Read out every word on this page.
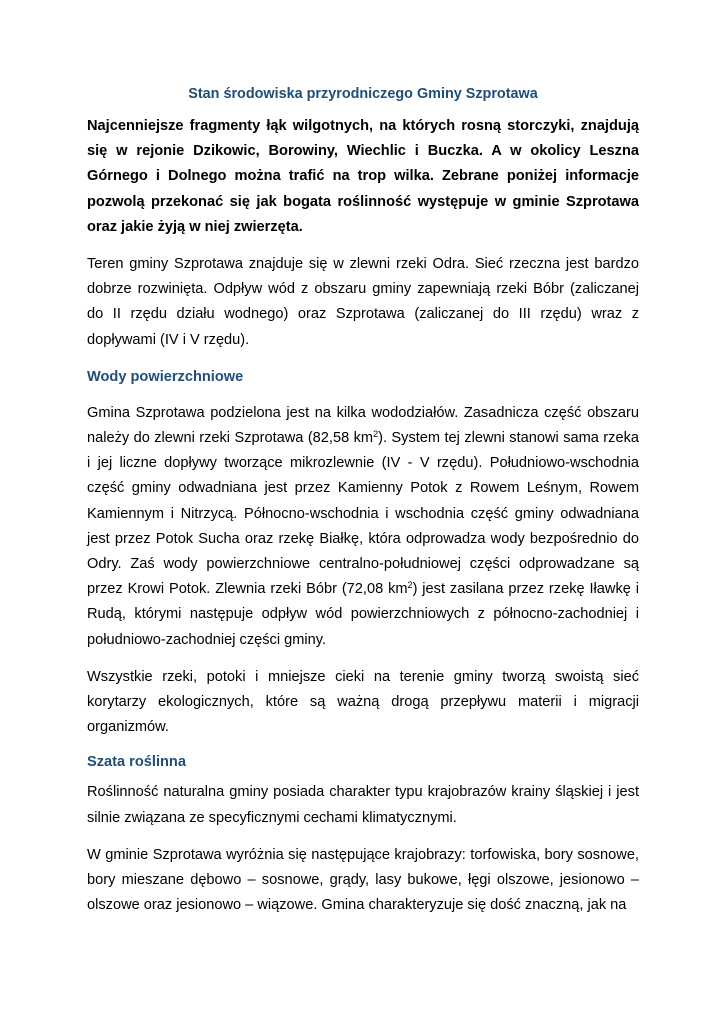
Stan środowiska przyrodniczego Gminy Szprotawa

Najcenniejsze fragmenty łąk wilgotnych, na których rosną storczyki, znajdują się w rejonie Dzikowic, Borowiny, Wiechlic i Buczka. A w okolicy Leszna Górnego i Dolnego można trafić na trop wilka. Zebrane poniżej informacje pozwolą przekonać się jak bogata roślinność występuje w gminie Szprotawa oraz jakie żyją w niej zwierzęta.

Teren gminy Szprotawa znajduje się w zlewni rzeki Odra. Sieć rzeczna jest bardzo dobrze rozwinięta. Odpływ wód z obszaru gminy zapewniają rzeki Bóbr (zaliczanej do II rzędu działu wodnego) oraz Szprotawa (zaliczanej do III rzędu) wraz z dopływami (IV i V rzędu).

Wody powierzchniowe

Gmina Szprotawa podzielona jest na kilka wododziałów. Zasadnicza część obszaru należy do zlewni rzeki Szprotawa (82,58 $km^2$). System tej zlewni stanowi sama rzeka i jej liczne dopływy tworzące mikrozlewnie (IV - V rzędu). Południowo-wschodnia część gminy odwadniana jest przez Kamienny Potok z Rowem Leśnym, Rowem Kamiennym i Nitrzycą. Północno-wschodnia i wschodnia część gminy odwadniana jest przez Potok Sucha oraz rzekę Białkę, która odprowadza wody bezpośrednio do Odry. Zaś wody powierzchniowe centralno-południowej części odprowadzane są przez Krowi Potok. Zlewnia rzeki Bóbr (72,08 $km^2$) jest zasilana przez rzekę Iławkę i Rudą, którymi następuje odpływ wód powierzchniowych z północno-zachodniej i południowo-zachodniej części gminy.

Wszystkie rzeki, potoki i mniejsze cieki na terenie gminy tworzą swoistą sieć korytarzy ekologicznych, które są ważną drogą przepływu materii i migracji organizmów.

Szata roślinna

Roślinność naturalna gminy posiada charakter typu krajobrazów krainy śląskiej i jest silnie związana ze specyficznymi cechami klimatycznymi.

W gminie Szprotawa wyróżnia się następujące krajobrazy: torfowiska, bory sosnowe, bory mieszane dębowo – sosnowe, grądy, lasy bukowe, łęgi olszowe, jesionowo – olszowe oraz jesionowo – wiązowe. Gmina charakteryzuje się dość znaczną, jak na
